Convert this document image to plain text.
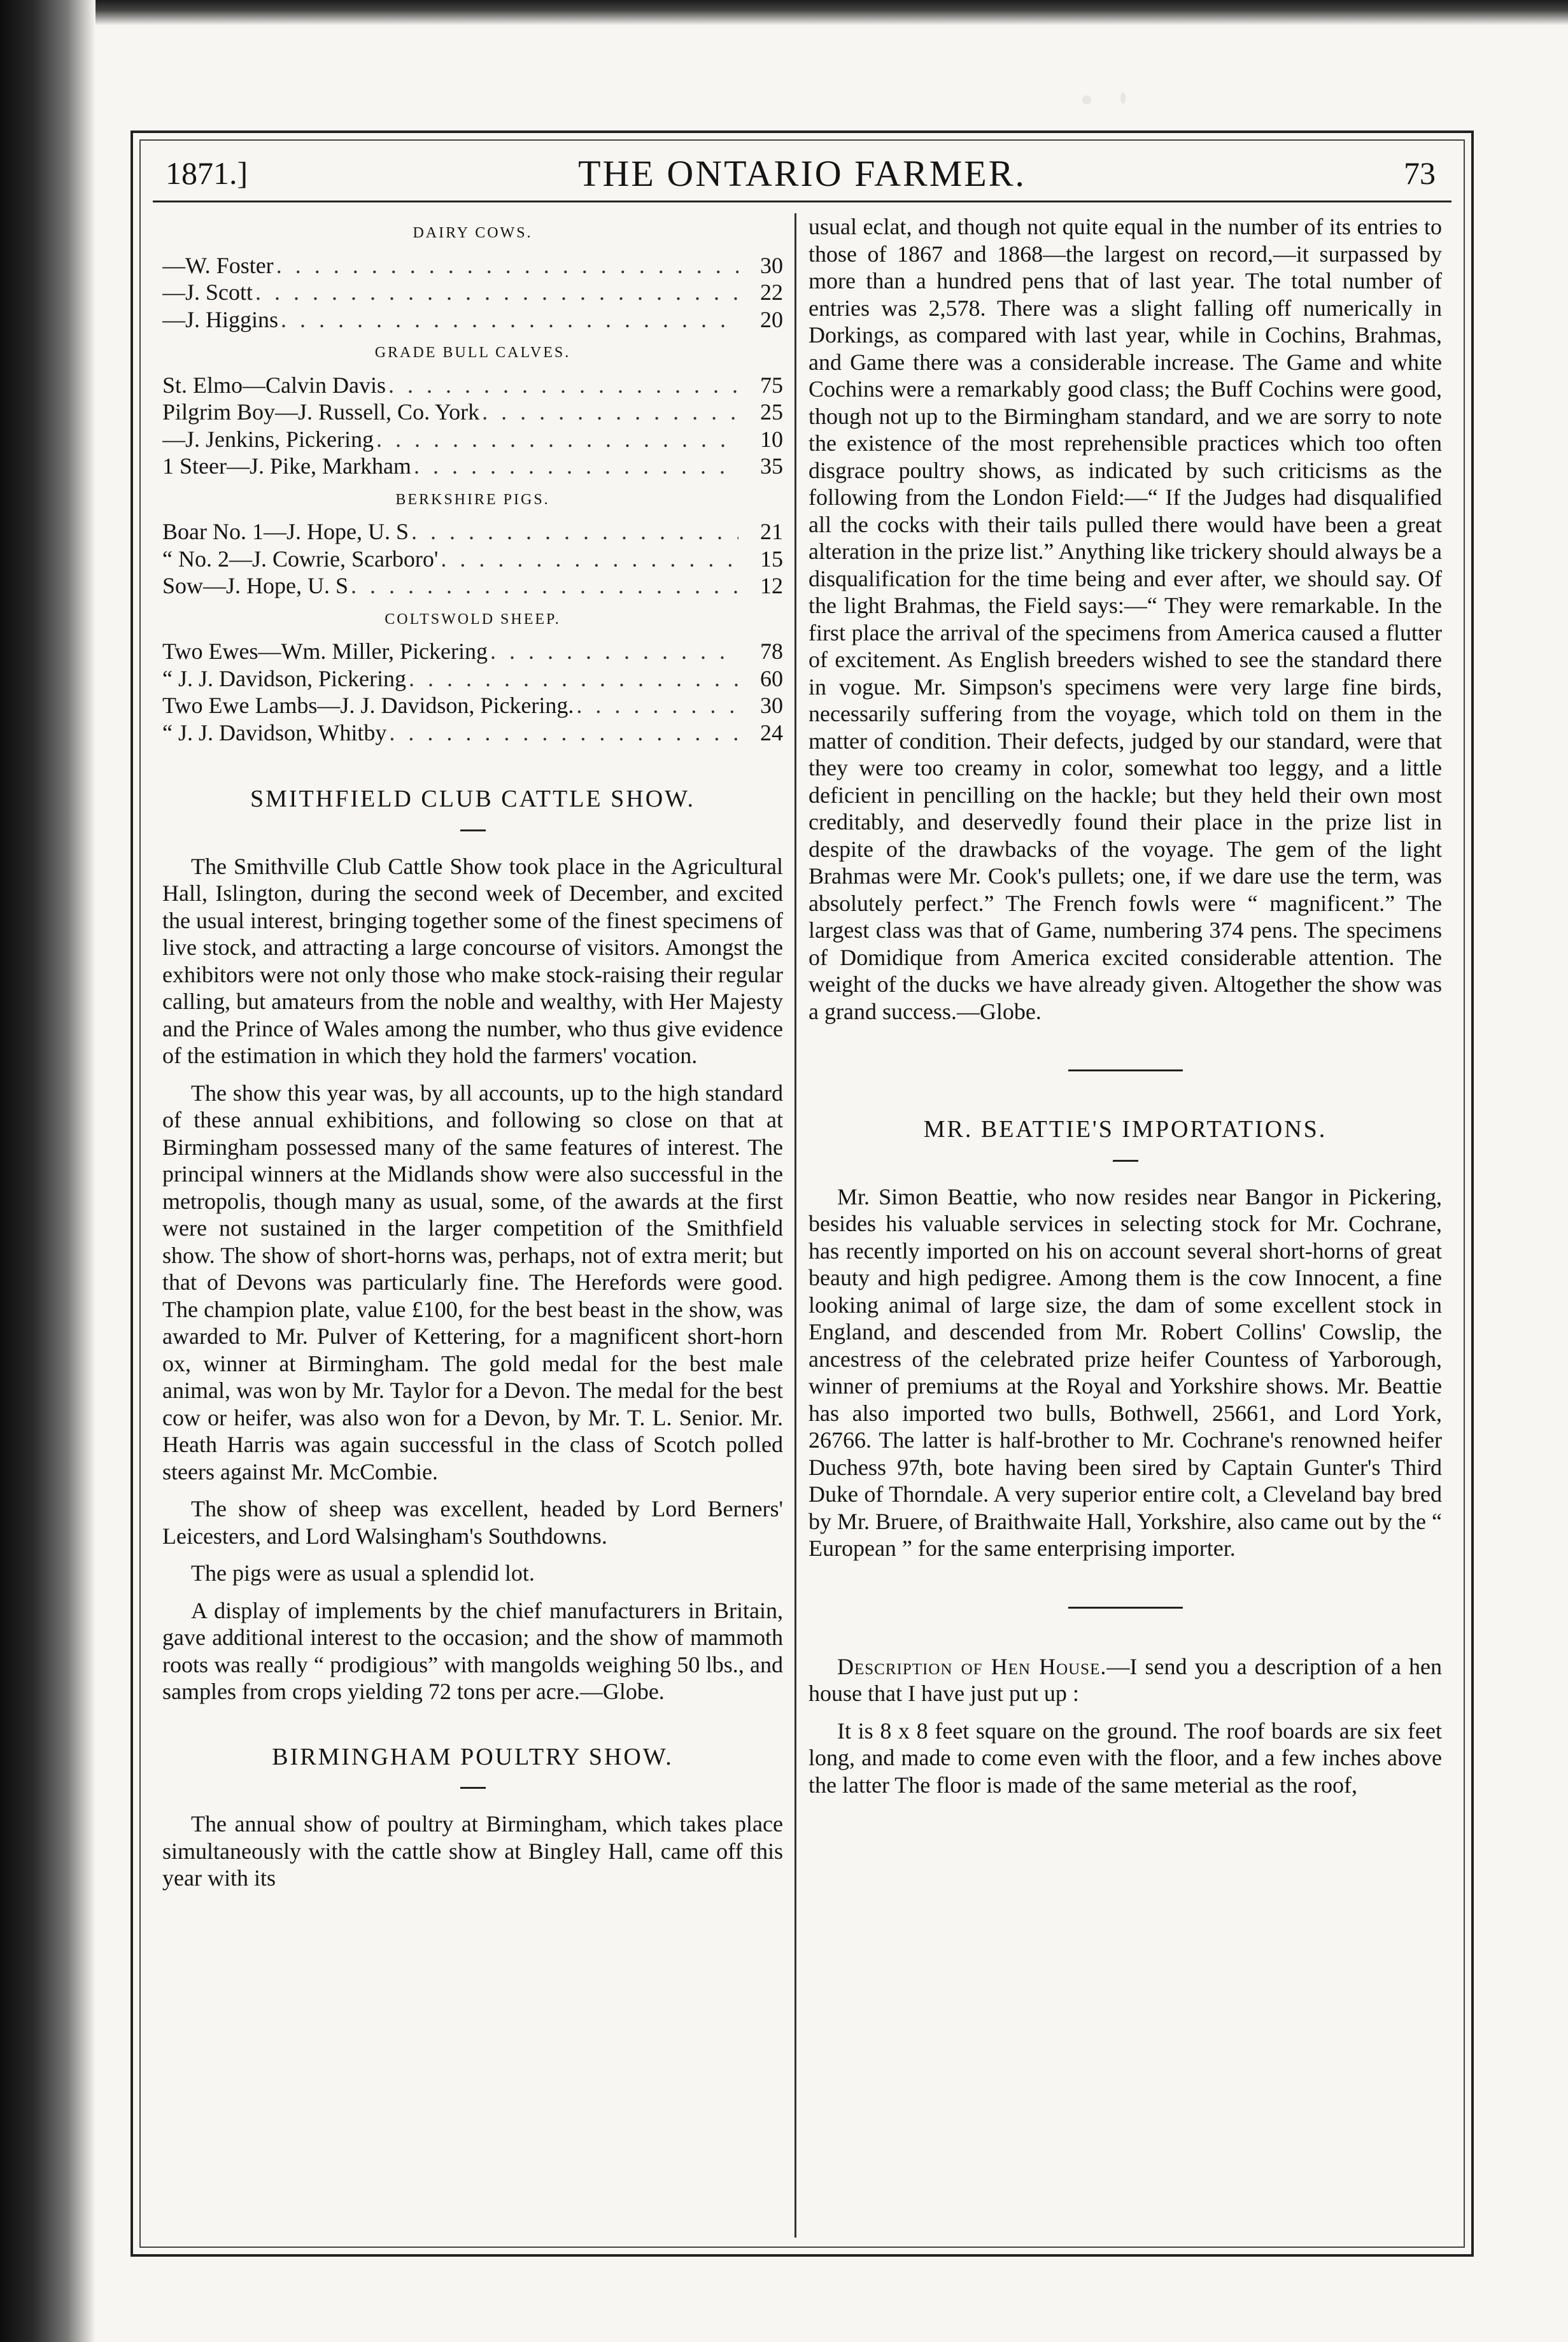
1871.]	THE ONTARIO FARMER.	73
DAIRY COWS.
—W. Foster . . .	30
—J. Scott . . .	22
—J. Higgins . . .	20
GRADE BULL CALVES.
St. Elmo—Calvin Davis . . .	75
Pilgrim Boy—J. Russell, Co. York . . .	25
—J. Jenkins, Pickering . . .	10
1 Steer—J. Pike, Markham . . .	35
BERKSHIRE PIGS.
Boar No. 1—J. Hope, U. S . . .	21
“ No. 2—J. Cowrie, Scarboro' . . .	15
Sow—J. Hope, U. S . . .	12
COLTSWOLD SHEEP.
Two Ewes—Wm. Miller, Pickering . . .	78
“ J. J. Davidson, Pickering . . .	60
Two Ewe Lambs—J. J. Davidson, Pickering. . . .	30
“ J. J. Davidson, Whitby . . .	24
SMITHFIELD CLUB CATTLE SHOW.

The Smithville Club Cattle Show took place in the Agricultural Hall, Islington, during the second week of December, and excited the usual interest, bringing together some of the finest specimens of live stock, and attracting a large concourse of visitors. Amongst the exhibitors were not only those who make stock-raising their regular calling, but amateurs from the noble and wealthy, with Her Majesty and the Prince of Wales among the number, who thus give evidence of the estimation in which they hold the farmers' vocation.

The show this year was, by all accounts, up to the high standard of these annual exhibitions, and following so close on that at Birmingham possessed many of the same features of interest. The principal winners at the Midlands show were also successful in the metropolis, though many as usual, some, of the awards at the first were not sustained in the larger competition of the Smithfield show. The show of short-horns was, perhaps, not of extra merit; but that of Devons was particularly fine. The Herefords were good. The champion plate, value £100, for the best beast in the show, was awarded to Mr. Pulver of Kettering, for a magnificent short-horn ox, winner at Birmingham. The gold medal for the best male animal, was won by Mr. Taylor for a Devon. The medal for the best cow or heifer, was also won for a Devon, by Mr. T. L. Senior. Mr. Heath Harris was again successful in the class of Scotch polled steers against Mr. McCombie.

The show of sheep was excellent, headed by Lord Berners' Leicesters, and Lord Walsingham's Southdowns.

The pigs were as usual a splendid lot.

A display of implements by the chief manufacturers in Britain, gave additional interest to the occasion; and the show of mammoth roots was really “ prodigious” with mangolds weighing 50 lbs., and samples from crops yielding 72 tons per acre.—Globe.

BIRMINGHAM POULTRY SHOW.

The annual show of poultry at Birmingham, which takes place simultaneously with the cattle show at Bingley Hall, came off this year with its

usual eclat, and though not quite equal in the number of its entries to those of 1867 and 1868—the largest on record,—it surpassed by more than a hundred pens that of last year. The total number of entries was 2,578. There was a slight falling off numerically in Dorkings, as compared with last year, while in Cochins, Brahmas, and Game there was a considerable increase. The Game and white Cochins were a remarkably good class; the Buff Cochins were good, though not up to the Birmingham standard, and we are sorry to note the existence of the most reprehensible practices which too often disgrace poultry shows, as indicated by such criticisms as the following from the London Field:—“ If the Judges had disqualified all the cocks with their tails pulled there would have been a great alteration in the prize list.” Anything like trickery should always be a disqualification for the time being and ever after, we should say. Of the light Brahmas, the Field says:—“ They were remarkable. In the first place the arrival of the specimens from America caused a flutter of excitement. As English breeders wished to see the standard there in vogue. Mr. Simpson's specimens were very large fine birds, necessarily suffering from the voyage, which told on them in the matter of condition. Their defects, judged by our standard, were that they were too creamy in color, somewhat too leggy, and a little deficient in pencilling on the hackle; but they held their own most creditably, and deservedly found their place in the prize list in despite of the drawbacks of the voyage. The gem of the light Brahmas were Mr. Cook's pullets; one, if we dare use the term, was absolutely perfect.” The French fowls were “ magnificent.” The largest class was that of Game, numbering 374 pens. The specimens of Domidique from America excited considerable attention. The weight of the ducks we have already given. Altogether the show was a grand success.—Globe.

MR. BEATTIE'S IMPORTATIONS.

Mr. Simon Beattie, who now resides near Bangor in Pickering, besides his valuable services in selecting stock for Mr. Cochrane, has recently imported on his on account several short-horns of great beauty and high pedigree. Among them is the cow Innocent, a fine looking animal of large size, the dam of some excellent stock in England, and descended from Mr. Robert Collins' Cowslip, the ancestress of the celebrated prize heifer Countess of Yarborough, winner of premiums at the Royal and Yorkshire shows. Mr. Beattie has also imported two bulls, Bothwell, 25661, and Lord York, 26766. The latter is half-brother to Mr. Cochrane's renowned heifer Duchess 97th, bote having been sired by Captain Gunter's Third Duke of Thorndale. A very superior entire colt, a Cleveland bay bred by Mr. Bruere, of Braithwaite Hall, Yorkshire, also came out by the “ European ” for the same enterprising importer.

Description of Hen House.—I send you a description of a hen house that I have just put up :

It is 8 x 8 feet square on the ground. The roof boards are six feet long, and made to come even with the floor, and a few inches above the latter The floor is made of the same meterial as the roof,
